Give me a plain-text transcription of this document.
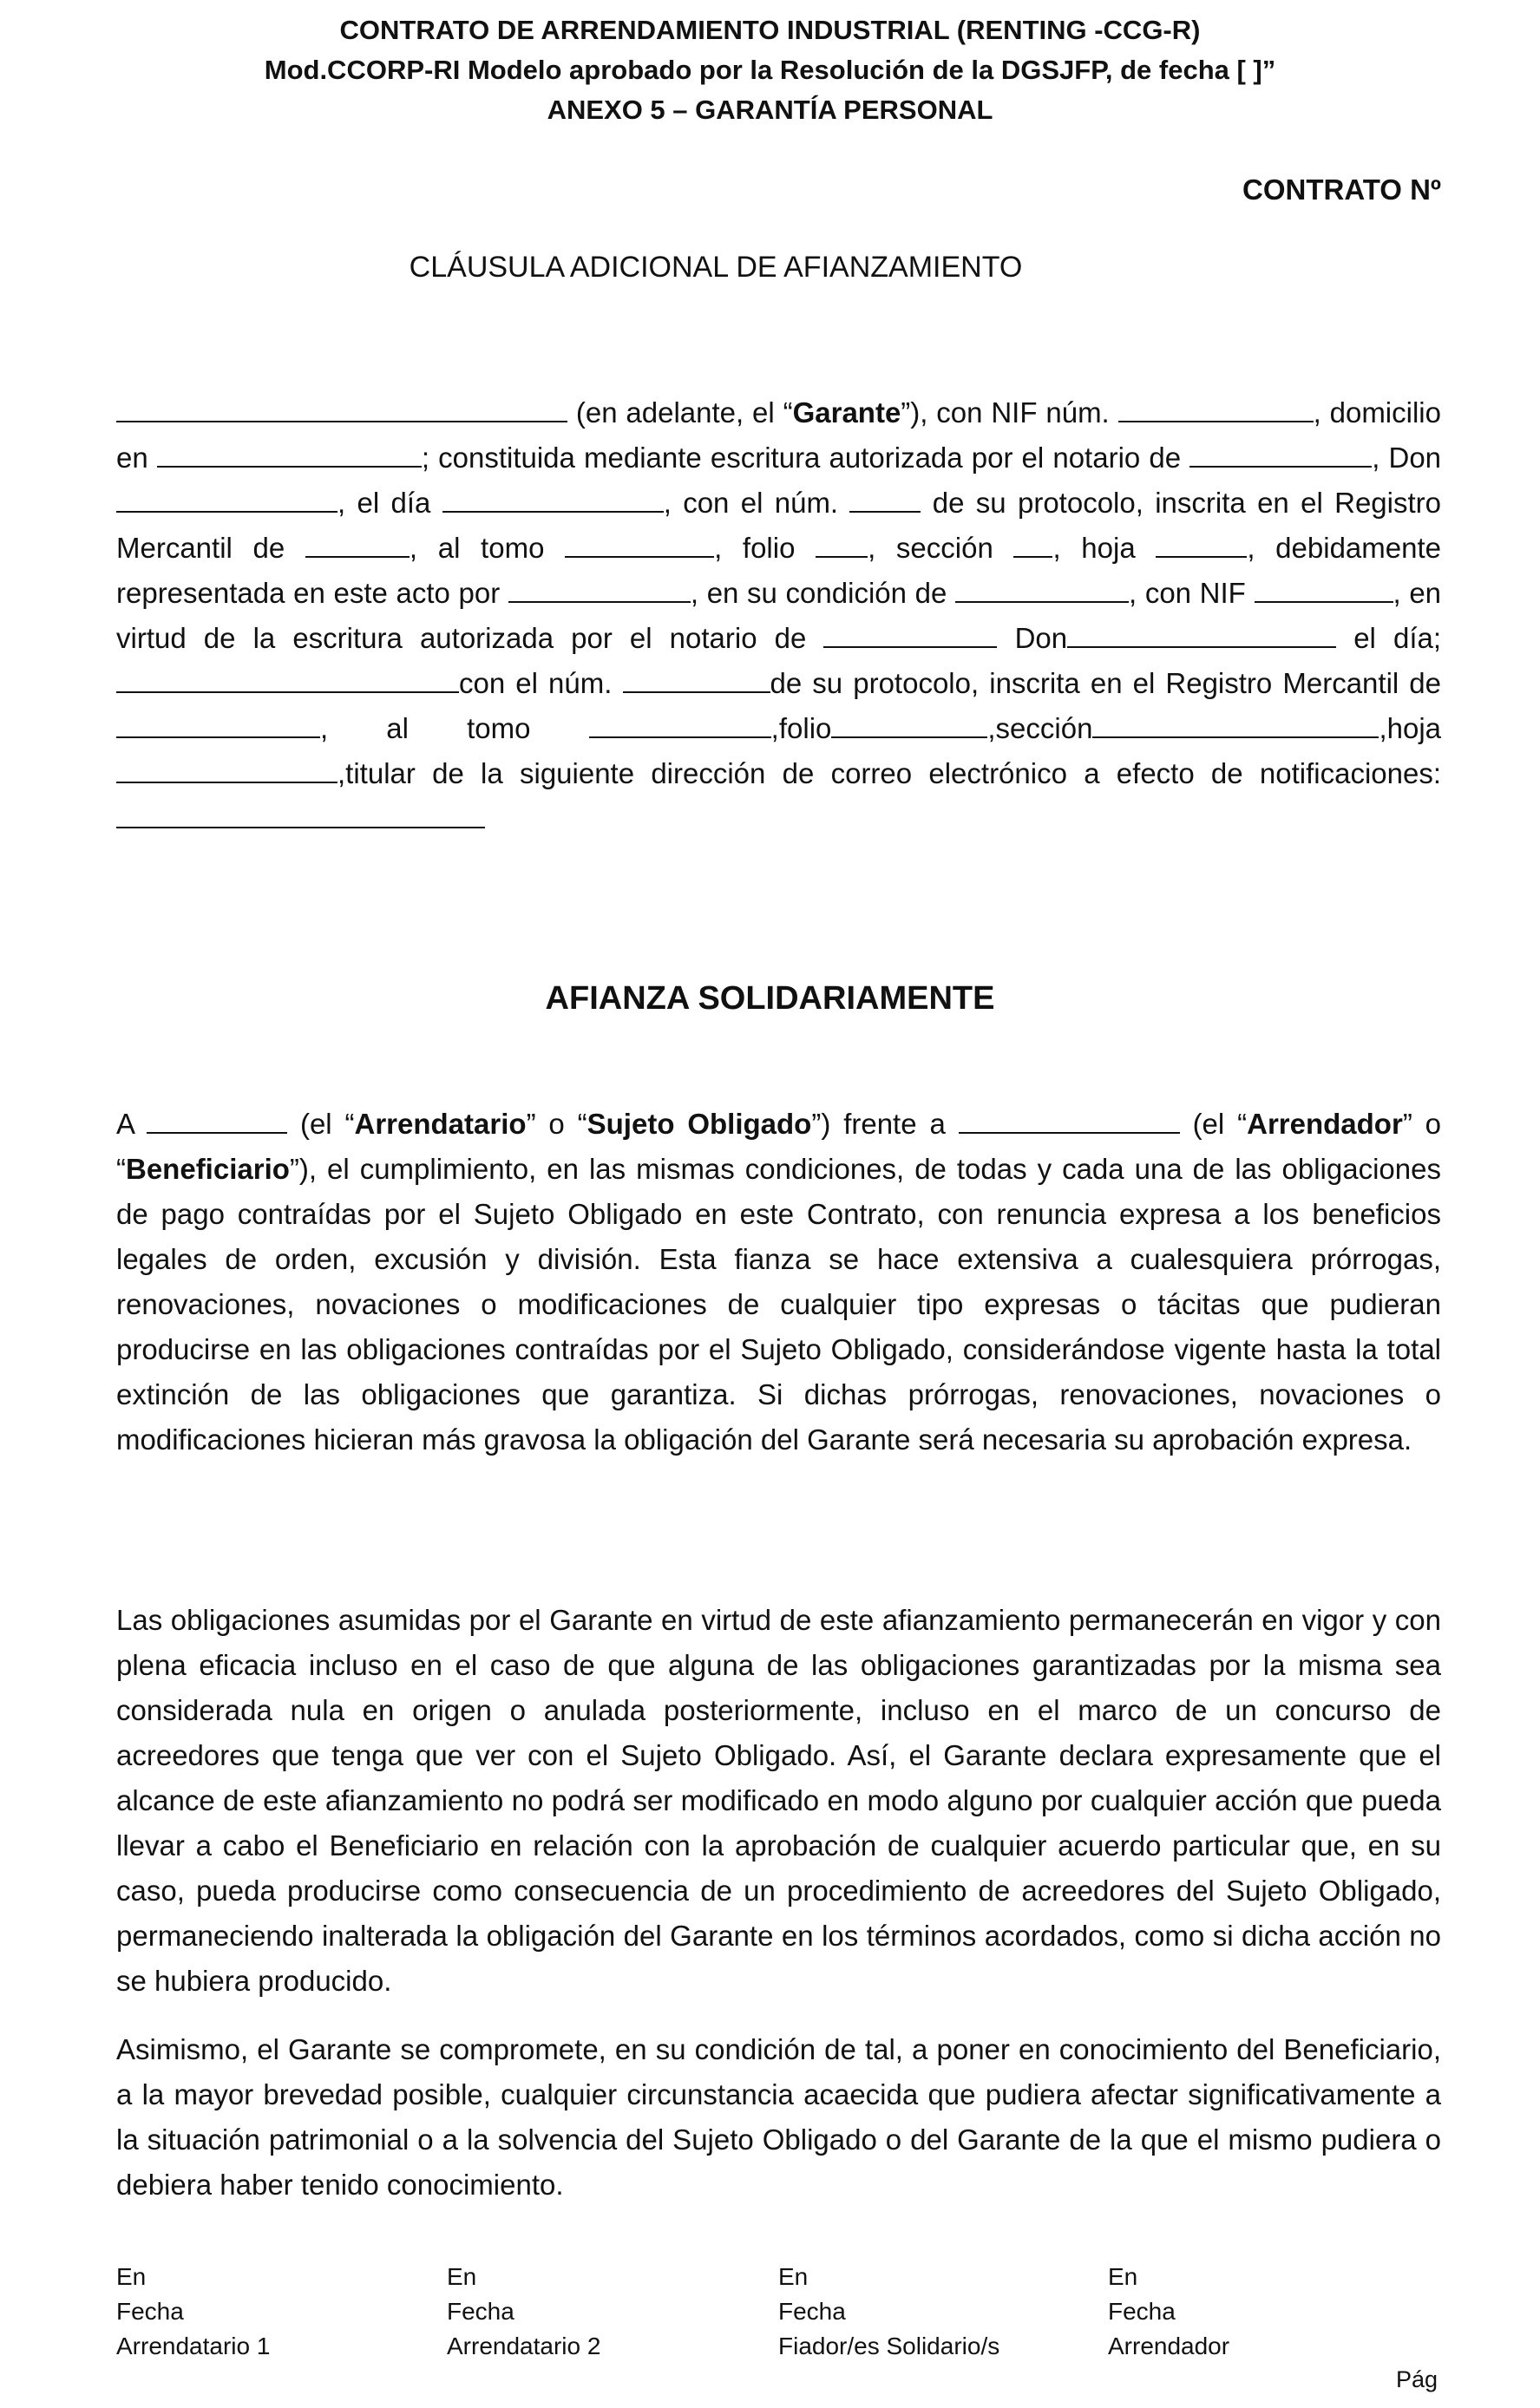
CONTRATO DE ARRENDAMIENTO INDUSTRIAL (RENTING -CCG-R)
Mod.CCORP-RI Modelo aprobado por la Resolución de la DGSJFP, de fecha [ ]”
ANEXO 5 – GARANTÍA PERSONAL
CONTRATO Nº
CLÁUSULA ADICIONAL DE AFIANZAMIENTO
(en adelante, el “Garante”), con NIF núm.	, domicilio en	; constituida mediante escritura autorizada por el notario de	, Don , el día	, con el núm.	de su protocolo, inscrita en el Registro Mercantil de	, al tomo	, folio	, sección , hoja	, debidamente representada en este acto por	, en su condición de	, con NIF	, en virtud de la escritura autorizada por el notario de	Don	el día; con el núm.	de su protocolo, inscrita en el Registro Mercantil de, al tomo	,folio	,sección	,hoja,titular de la siguiente dirección de correo electrónico a efecto de notificaciones:
AFIANZA SOLIDARIAMENTE
A	(el “Arrendatario” o “Sujeto Obligado”) frente a	(el “Arrendador” o “Beneficiario”), el cumplimiento, en las mismas condiciones, de todas y cada una de las obligaciones de pago contraídas por el Sujeto Obligado en este Contrato, con renuncia expresa a los beneficios legales de orden, excusión y división. Esta fianza se hace extensiva a cualesquiera prórrogas, renovaciones, novaciones o modificaciones de cualquier tipo expresas o tácitas que pudieran producirse en las obligaciones contraídas por el Sujeto Obligado, considerándose vigente hasta la total extinción de las obligaciones que garantiza. Si dichas prórrogas, renovaciones, novaciones o modificaciones hicieran más gravosa la obligación del Garante será necesaria su aprobación expresa.
Las obligaciones asumidas por el Garante en virtud de este afianzamiento permanecerán en vigor y con plena eficacia incluso en el caso de que alguna de las obligaciones garantizadas por la misma sea considerada nula en origen o anulada posteriormente, incluso en el marco de un concurso de acreedores que tenga que ver con el Sujeto Obligado. Así, el Garante declara expresamente que el alcance de este afianzamiento no podrá ser modificado en modo alguno por cualquier acción que pueda llevar a cabo el Beneficiario en relación con la aprobación de cualquier acuerdo particular que, en su caso, pueda producirse como consecuencia de un procedimiento de acreedores del Sujeto Obligado, permaneciendo inalterada la obligación del Garante en los términos acordados, como si dicha acción no se hubiera producido.
Asimismo, el Garante se compromete, en su condición de tal, a poner en conocimiento del Beneficiario, a la mayor brevedad posible, cualquier circunstancia acaecida que pudiera afectar significativamente a la situación patrimonial o a la solvencia del Sujeto Obligado o del Garante de la que el mismo pudiera o debiera haber tenido conocimiento.
En
Fecha
Arrendatario 1
En
Fecha
Arrendatario 2
En
Fecha
Fiador/es Solidario/s
En
Fecha
Arrendador
Pág
